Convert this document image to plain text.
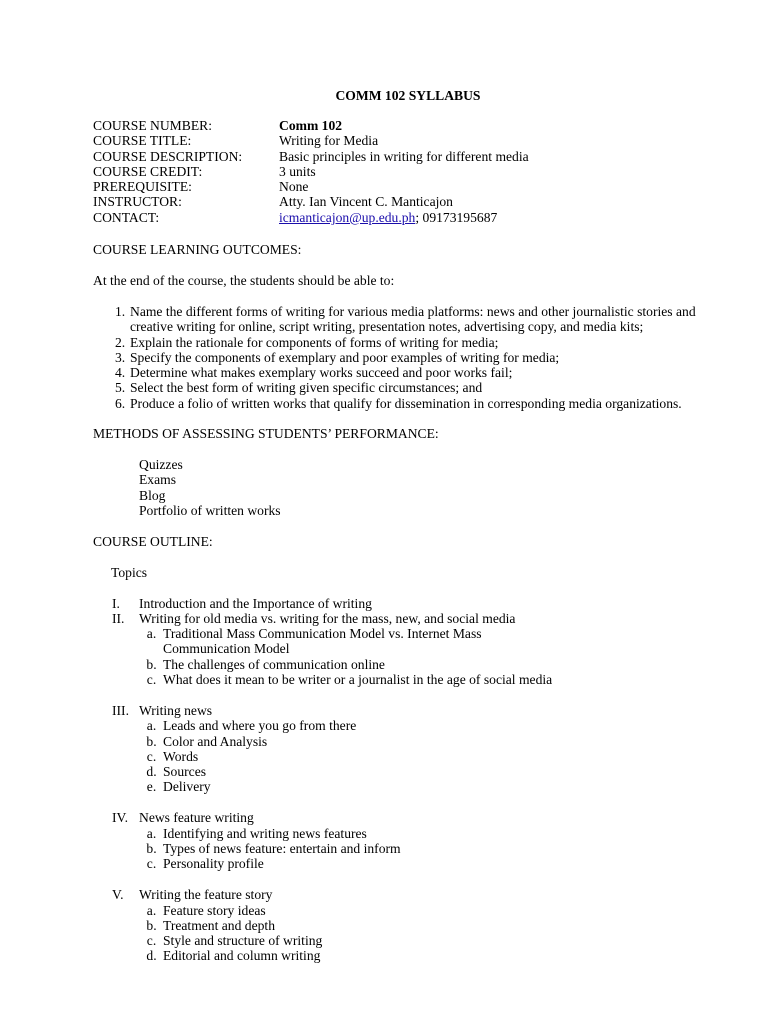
COMM 102 SYLLABUS
COURSE NUMBER:	Comm 102
COURSE TITLE:	Writing for Media
COURSE DESCRIPTION:	Basic principles in writing for different media
COURSE CREDIT:	3 units
PREREQUISITE:	None
INSTRUCTOR:	Atty. Ian Vincent C. Manticajon
CONTACT:	icmanticajon@up.edu.ph; 09173195687
COURSE LEARNING OUTCOMES:
At the end of the course, the students should be able to:
1. Name the different forms of writing for various media platforms: news and other journalistic stories and creative writing for online, script writing, presentation notes, advertising copy, and media kits;
2. Explain the rationale for components of forms of writing for media;
3. Specify the components of exemplary and poor examples of writing for media;
4. Determine what makes exemplary works succeed and poor works fail;
5. Select the best form of writing given specific circumstances; and
6. Produce a folio of written works that qualify for dissemination in corresponding media organizations.
METHODS OF ASSESSING STUDENTS’ PERFORMANCE:
Quizzes
Exams
Blog
Portfolio of written works
COURSE OUTLINE:
Topics
I.	Introduction and the Importance of writing
II.	Writing for old media vs. writing for the mass, new, and social media
a. Traditional Mass Communication Model vs. Internet Mass
Communication Model
b. The challenges of communication online
c. What does it mean to be writer or a journalist in the age of social media
III. Writing news
a. Leads and where you go from there
b. Color and Analysis
c. Words
d. Sources
e. Delivery
IV. News feature writing
a. Identifying and writing news features
b. Types of news feature: entertain and inform
c. Personality profile
V.	Writing the feature story
a. Feature story ideas
b. Treatment and depth
c. Style and structure of writing
d. Editorial and column writing
